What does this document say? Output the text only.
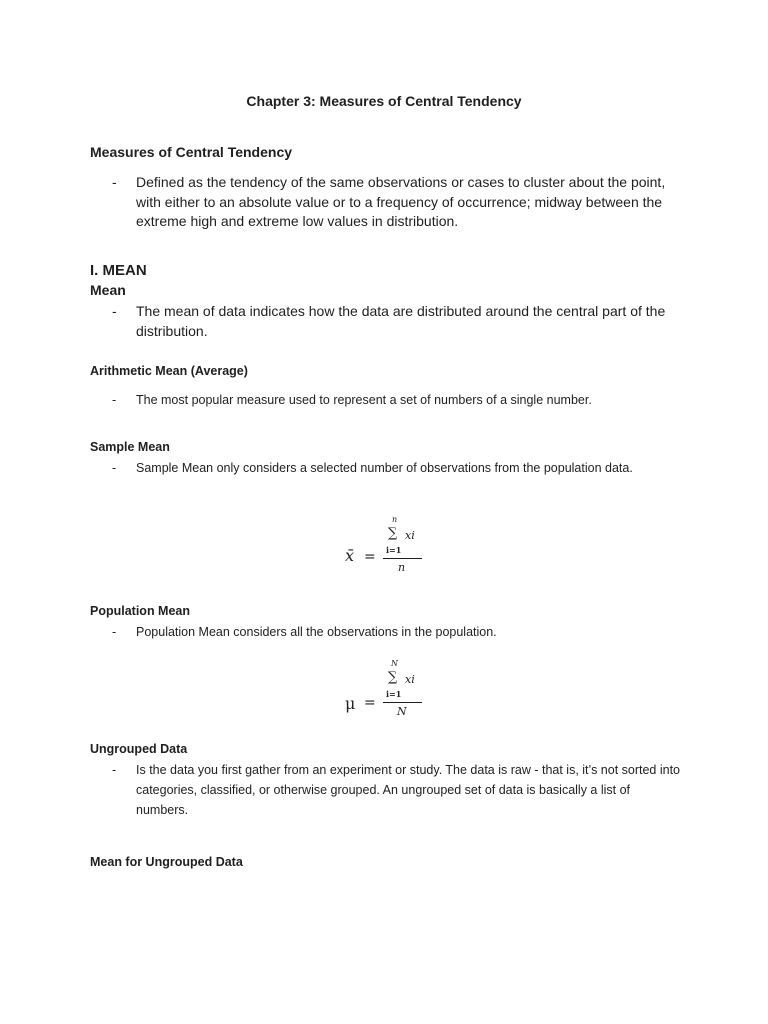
Chapter 3: Measures of Central Tendency
Measures of Central Tendency
-	Defined as the tendency of the same observations or cases to cluster about the point, with either to an absolute value or to a frequency of occurrence; midway between the extreme high and extreme low values in distribution.
I. MEAN
Mean
-	The mean of data indicates how the data are distributed around the central part of the distribution.
Arithmetic Mean (Average)
-	The most popular measure used to represent a set of numbers of a single number.
Sample Mean
-	Sample Mean only considers a selected number of observations from the population data.
x̄ =
n
∑ xi
i=1
n
Population Mean
-	Population Mean considers all the observations in the population.
μ =
N
∑ xi
i=1
N
Ungrouped Data
-	Is the data you first gather from an experiment or study. The data is raw - that is, it’s not sorted into categories, classified, or otherwise grouped. An ungrouped set of data is basically a list of numbers.
Mean for Ungrouped Data
